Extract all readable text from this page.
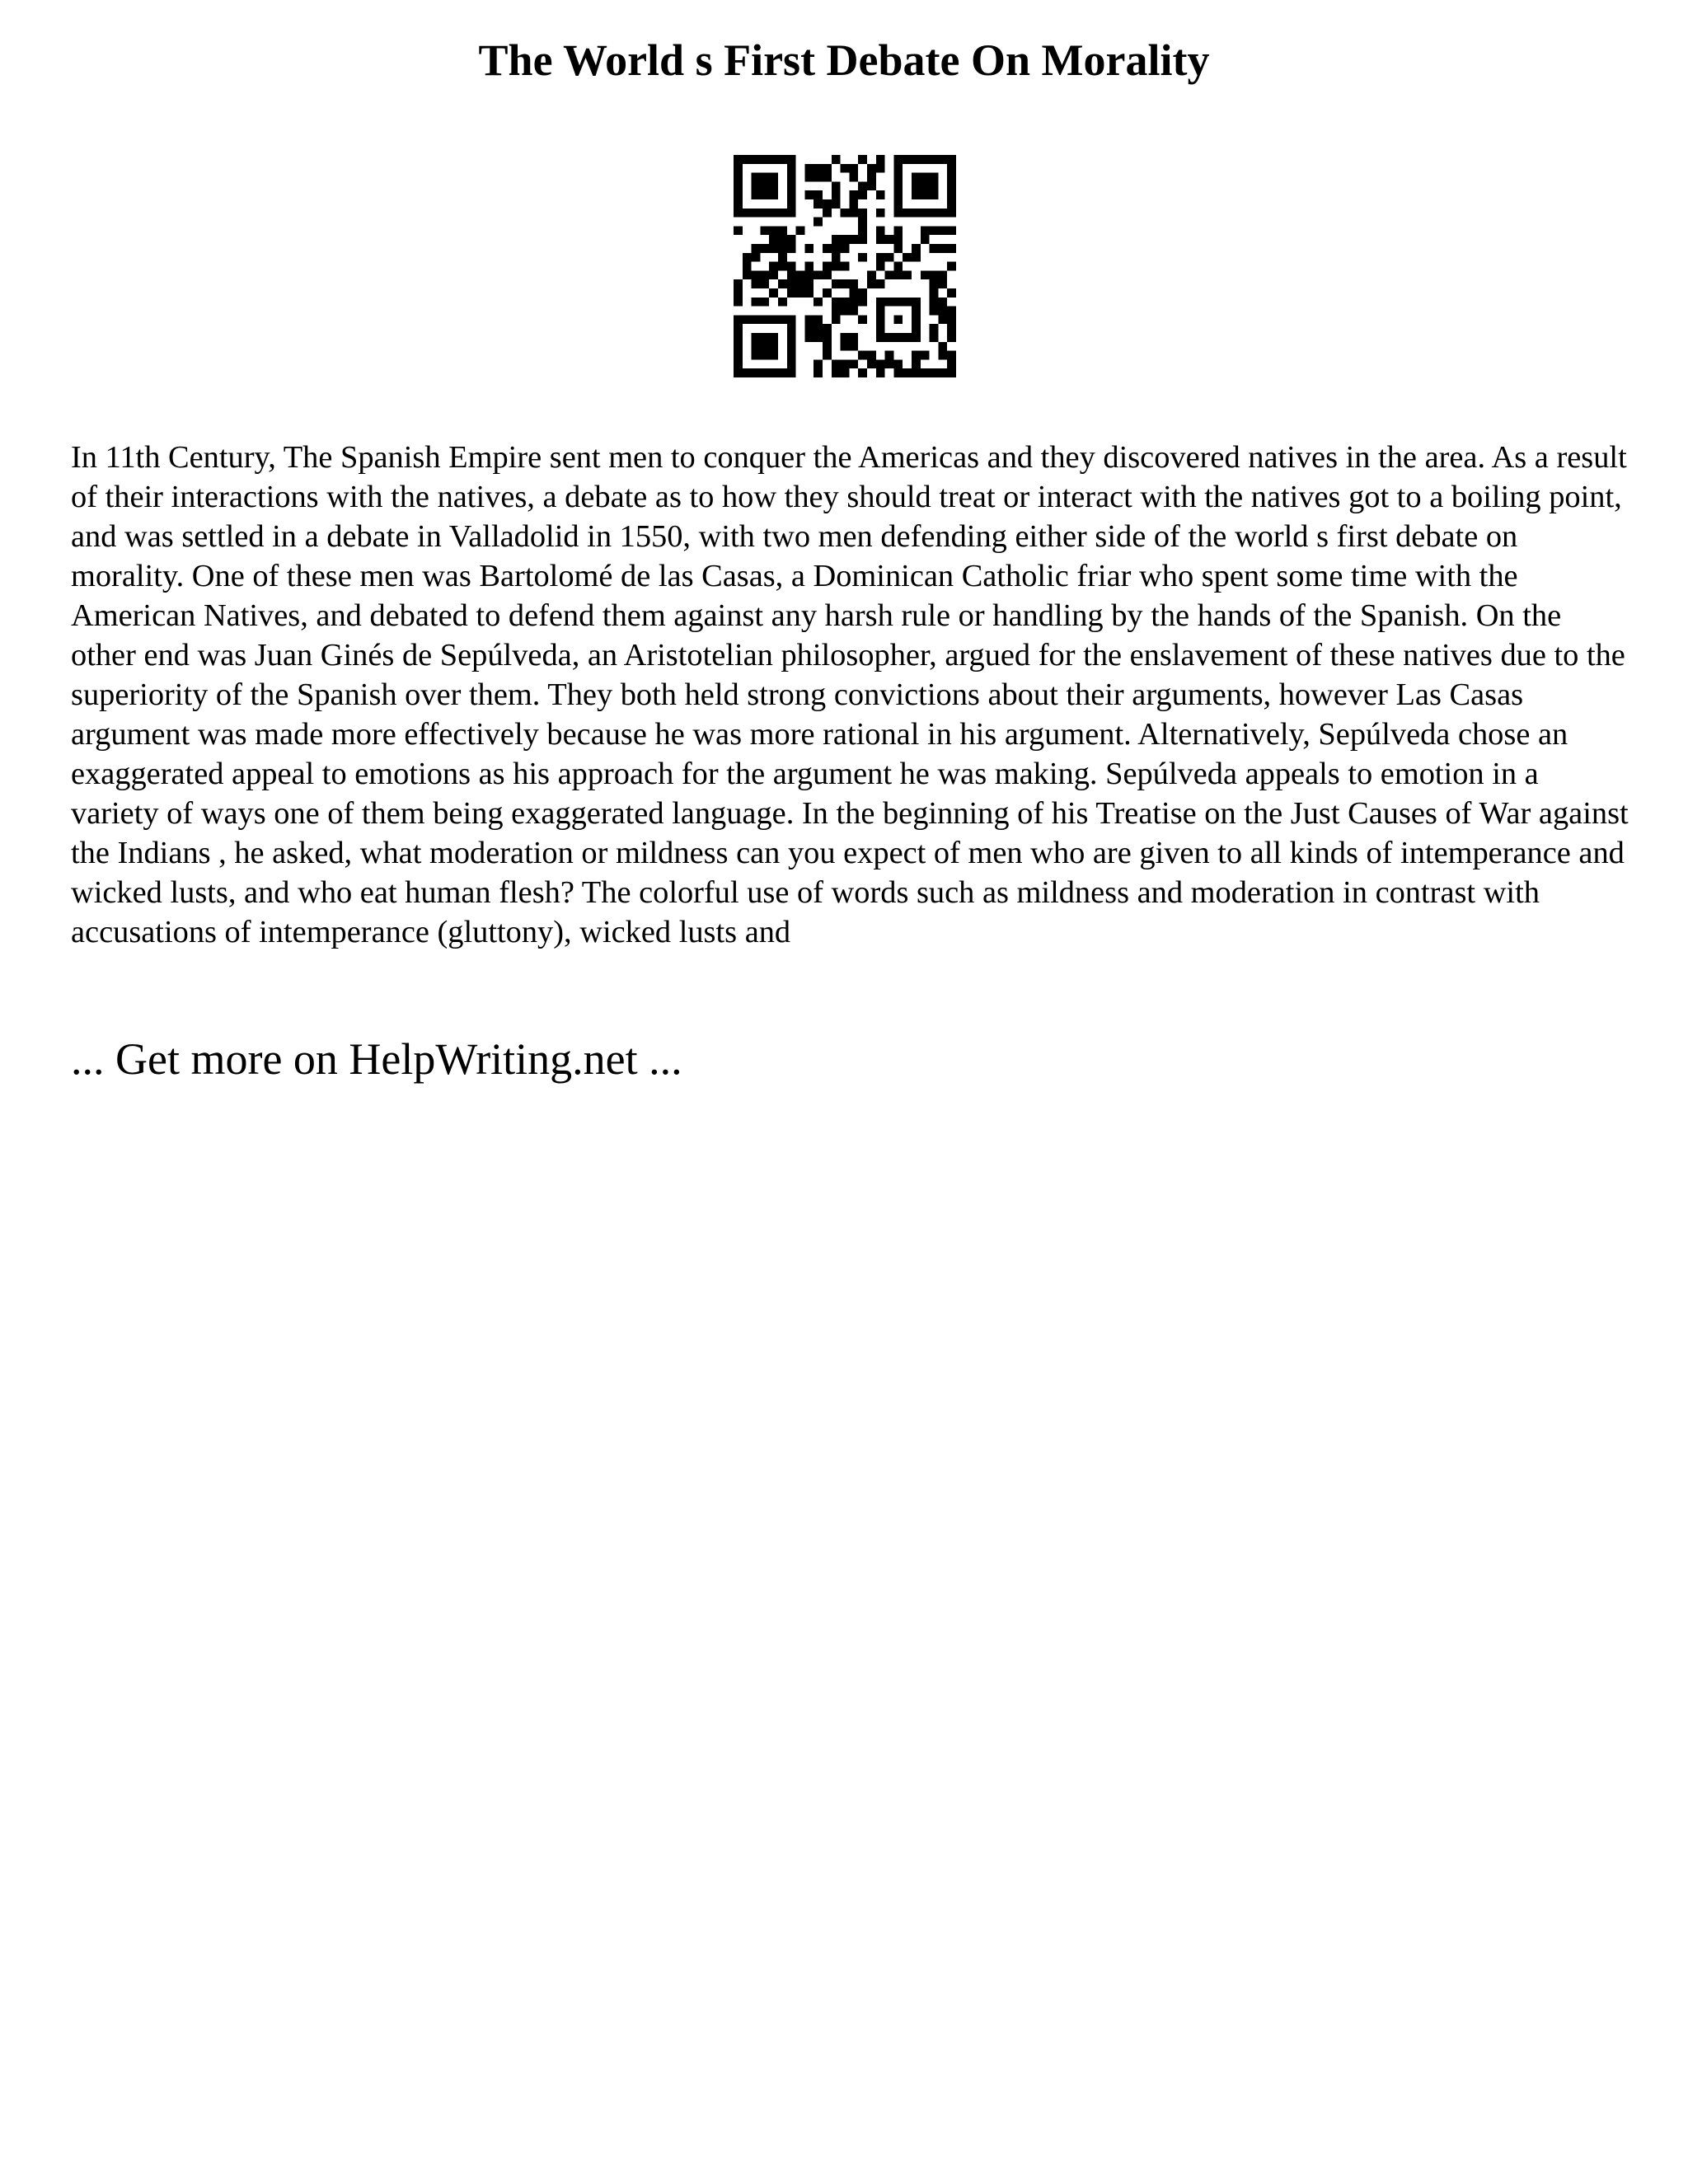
The World s First Debate On Morality

In 11th Century, The Spanish Empire sent men to conquer the Americas and they discovered natives in the area. As a result of their interactions with the natives, a debate as to how they should treat or interact with the natives got to a boiling point, and was settled in a debate in Valladolid in 1550, with two men defending either side of the world s first debate on morality. One of these men was Bartolomé de las Casas, a Dominican Catholic friar who spent some time with the American Natives, and debated to defend them against any harsh rule or handling by the hands of the Spanish. On the other end was Juan Ginés de Sepúlveda, an Aristotelian philosopher, argued for the enslavement of these natives due to the superiority of the Spanish over them. They both held strong convictions about their arguments, however Las Casas argument was made more effectively because he was more rational in his argument. Alternatively, Sepúlveda chose an exaggerated appeal to emotions as his approach for the argument he was making. Sepúlveda appeals to emotion in a variety of ways one of them being exaggerated language. In the beginning of his Treatise on the Just Causes of War against the Indians , he asked, what moderation or mildness can you expect of men who are given to all kinds of intemperance and wicked lusts, and who eat human flesh? The colorful use of words such as mildness and moderation in contrast with accusations of intemperance (gluttony), wicked lusts and

... Get more on HelpWriting.net ...
